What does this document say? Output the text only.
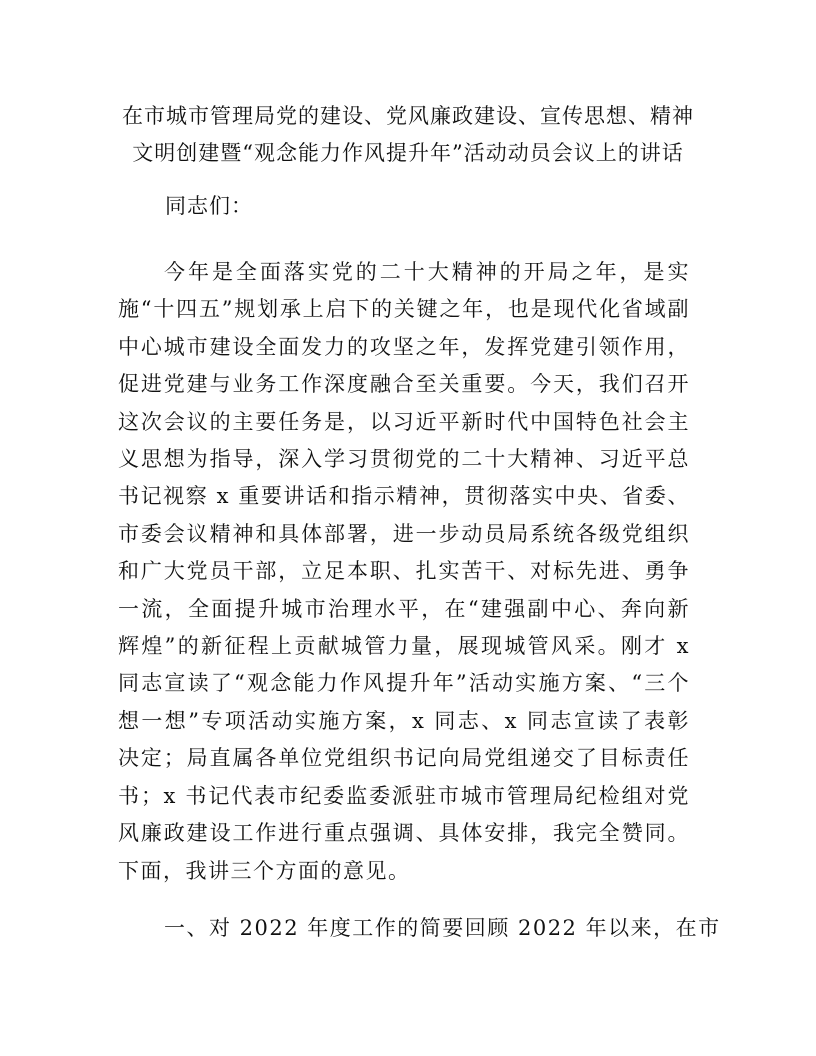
在市城市管理局党的建设、党风廉政建设、宣传思想、精神文明创建暨“观念能力作风提升年”活动动员会议上的讲话
同志们：
今年是全面落实党的二十大精神的开局之年，是实施“十四五”规划承上启下的关键之年，也是现代化省域副中心城市建设全面发力的攻坚之年，发挥党建引领作用，促进党建与业务工作深度融合至关重要。今天，我们召开这次会议的主要任务是，以习近平新时代中国特色社会主义思想为指导，深入学习贯彻党的二十大精神、习近平总书记视察 x 重要讲话和指示精神，贯彻落实中央、省委、市委会议精神和具体部署，进一步动员局系统各级党组织和广大党员干部，立足本职、扎实苦干、对标先进、勇争一流，全面提升城市治理水平，在“建强副中心、奔向新辉煌”的新征程上贡献城管力量，展现城管风采。刚才 x 同志宣读了“观念能力作风提升年”活动实施方案、“三个想一想”专项活动实施方案，x 同志、x 同志宣读了表彰决定；局直属各单位党组织书记向局党组递交了目标责任书；x 书记代表市纪委监委派驻市城市管理局纪检组对党风廉政建设工作进行重点强调、具体安排，我完全赞同。下面，我讲三个方面的意见。
一、对 2022 年度工作的简要回顾 2022 年以来，在市
